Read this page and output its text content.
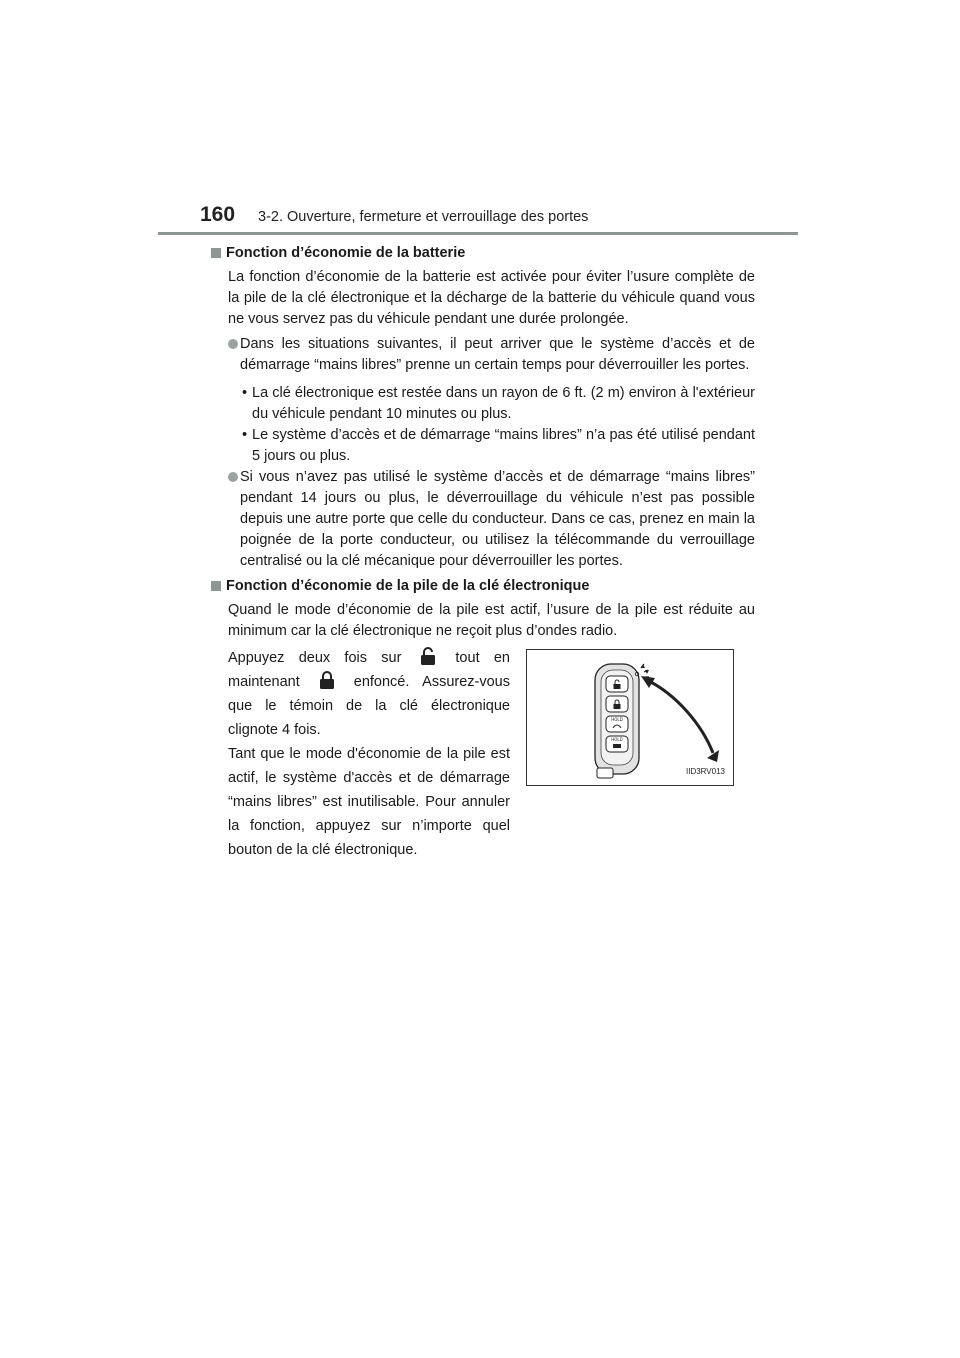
160 3-2. Ouverture, fermeture et verrouillage des portes
Fonction d’économie de la batterie
La fonction d’économie de la batterie est activée pour éviter l’usure complète de la pile de la clé électronique et la décharge de la batterie du véhicule quand vous ne vous servez pas du véhicule pendant une durée prolongée.
Dans les situations suivantes, il peut arriver que le système d’accès et de démarrage “mains libres” prenne un certain temps pour déverrouiller les portes.
• La clé électronique est restée dans un rayon de 6 ft. (2 m) environ à l'extérieur du véhicule pendant 10 minutes ou plus.
• Le système d’accès et de démarrage “mains libres” n’a pas été utilisé pendant 5 jours ou plus.
Si vous n’avez pas utilisé le système d’accès et de démarrage “mains libres” pendant 14 jours ou plus, le déverrouillage du véhicule n’est pas possible depuis une autre porte que celle du conducteur. Dans ce cas, prenez en main la poignée de la porte conducteur, ou utilisez la télécommande du verrouillage centralisé ou la clé mécanique pour déverrouiller les portes.
Fonction d’économie de la pile de la clé électronique
Quand le mode d’économie de la pile est actif, l’usure de la pile est réduite au minimum car la clé électronique ne reçoit plus d’ondes radio.
Appuyez deux fois sur	tout en maintenant	enfoncé. Assurez-vous que le témoin de la clé électronique clignote 4 fois.
Tant que le mode d'économie de la pile est actif, le système d'accès et de démarrage “mains libres” est inutilisable. Pour annuler la fonction, appuyez sur n’importe quel bouton de la clé électronique.
HOLD
HOLD
IID3RV013
